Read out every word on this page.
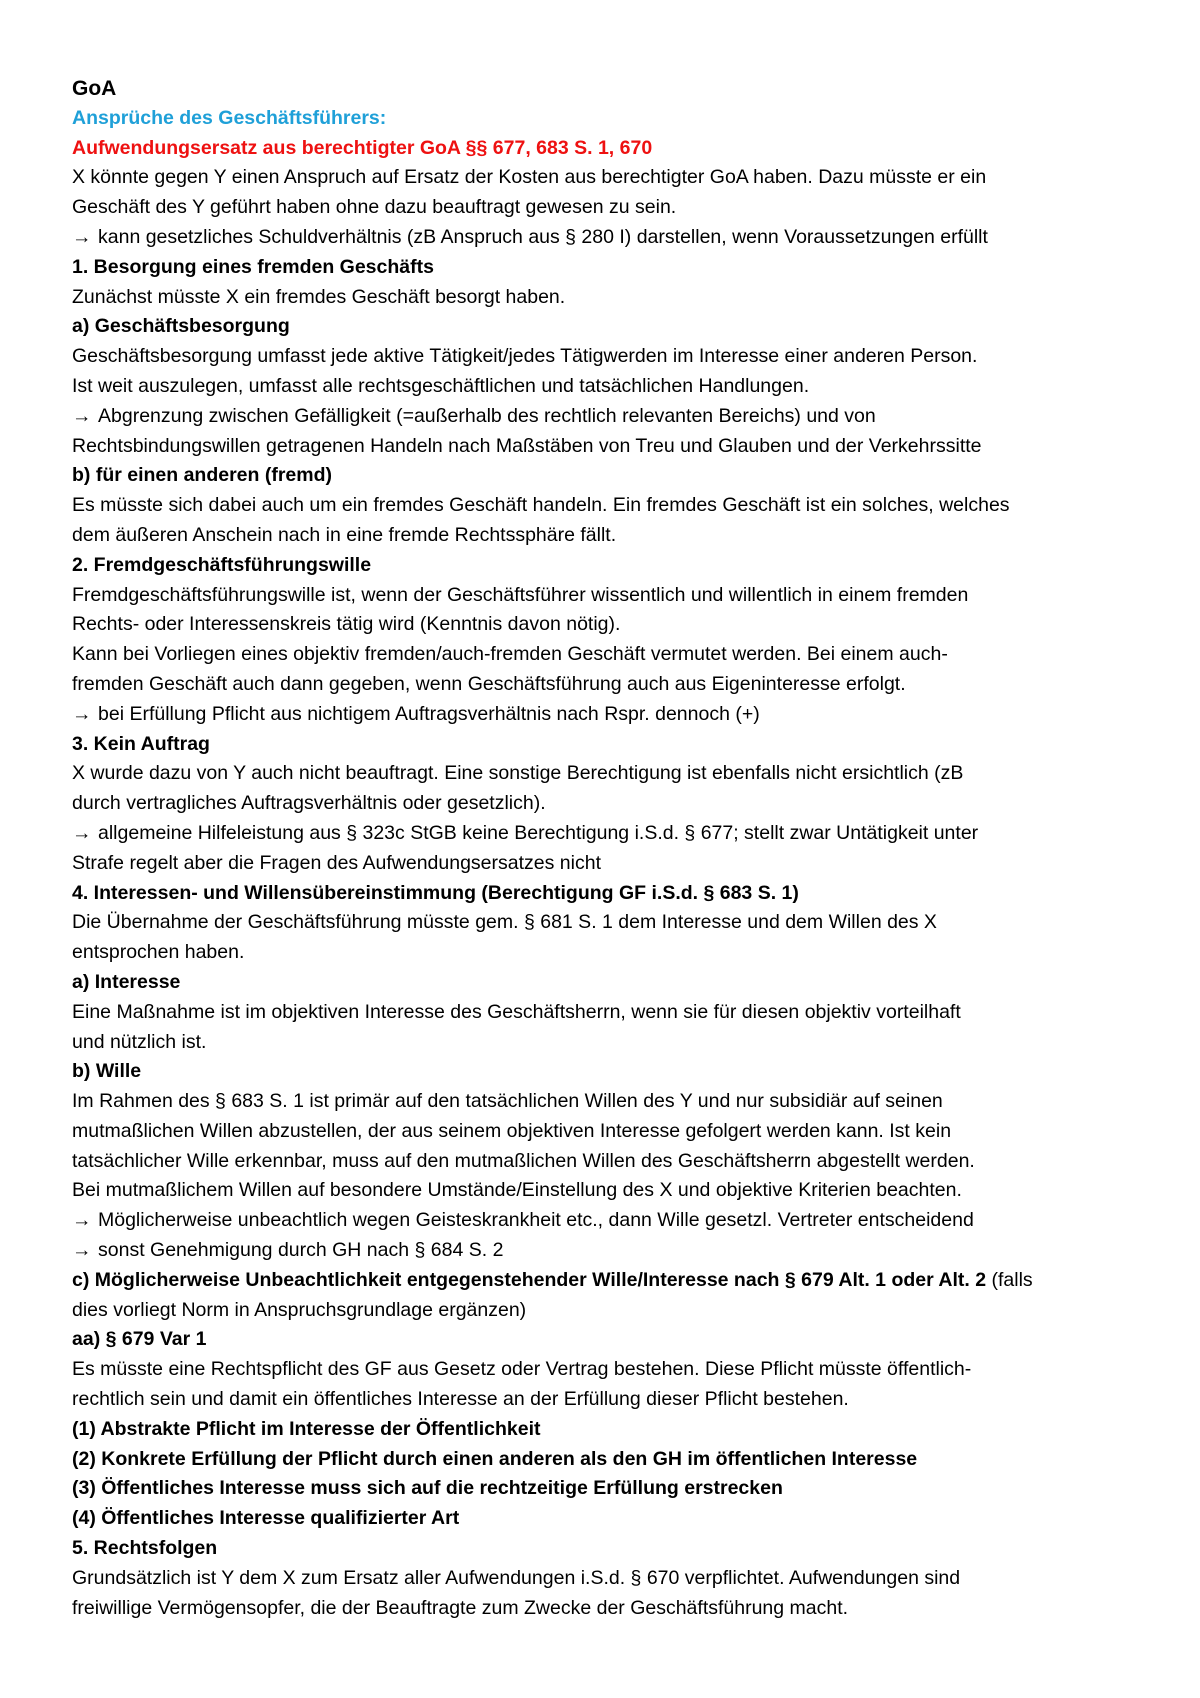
GoA
Ansprüche des Geschäftsführers:
Aufwendungsersatz aus berechtigter GoA §§ 677, 683 S. 1, 670
X könnte gegen Y einen Anspruch auf Ersatz der Kosten aus berechtigter GoA haben. Dazu müsste er ein
Geschäft des Y geführt haben ohne dazu beauftragt gewesen zu sein.
→ kann gesetzliches Schuldverhältnis (zB Anspruch aus § 280 I) darstellen, wenn Voraussetzungen erfüllt
1. Besorgung eines fremden Geschäfts
Zunächst müsste X ein fremdes Geschäft besorgt haben.
a) Geschäftsbesorgung
Geschäftsbesorgung umfasst jede aktive Tätigkeit/jedes Tätigwerden im Interesse einer anderen Person.
Ist weit auszulegen, umfasst alle rechtsgeschäftlichen und tatsächlichen Handlungen.
→ Abgrenzung zwischen Gefälligkeit (=außerhalb des rechtlich relevanten Bereichs) und von
Rechtsbindungswillen getragenen Handeln nach Maßstäben von Treu und Glauben und der Verkehrssitte
b) für einen anderen (fremd)
Es müsste sich dabei auch um ein fremdes Geschäft handeln. Ein fremdes Geschäft ist ein solches, welches
dem äußeren Anschein nach in eine fremde Rechtssphäre fällt.
2. Fremdgeschäftsführungswille
Fremdgeschäftsführungswille ist, wenn der Geschäftsführer wissentlich und willentlich in einem fremden
Rechts- oder Interessenskreis tätig wird (Kenntnis davon nötig).
Kann bei Vorliegen eines objektiv fremden/auch-fremden Geschäft vermutet werden. Bei einem auch-
fremden Geschäft auch dann gegeben, wenn Geschäftsführung auch aus Eigeninteresse erfolgt.
→ bei Erfüllung Pflicht aus nichtigem Auftragsverhältnis nach Rspr. dennoch (+)
3. Kein Auftrag
X wurde dazu von Y auch nicht beauftragt. Eine sonstige Berechtigung ist ebenfalls nicht ersichtlich (zB
durch vertragliches Auftragsverhältnis oder gesetzlich).
→ allgemeine Hilfeleistung aus § 323c StGB keine Berechtigung i.S.d. § 677; stellt zwar Untätigkeit unter
Strafe regelt aber die Fragen des Aufwendungsersatzes nicht
4. Interessen- und Willensübereinstimmung (Berechtigung GF i.S.d. § 683 S. 1)
Die Übernahme der Geschäftsführung müsste gem. § 681 S. 1 dem Interesse und dem Willen des X
entsprochen haben.
a) Interesse
Eine Maßnahme ist im objektiven Interesse des Geschäftsherrn, wenn sie für diesen objektiv vorteilhaft
und nützlich ist.
b) Wille
Im Rahmen des § 683 S. 1 ist primär auf den tatsächlichen Willen des Y und nur subsidiär auf seinen
mutmaßlichen Willen abzustellen, der aus seinem objektiven Interesse gefolgert werden kann. Ist kein
tatsächlicher Wille erkennbar, muss auf den mutmaßlichen Willen des Geschäftsherrn abgestellt werden.
Bei mutmaßlichem Willen auf besondere Umstände/Einstellung des X und objektive Kriterien beachten.
→ Möglicherweise unbeachtlich wegen Geisteskrankheit etc., dann Wille gesetzl. Vertreter entscheidend
→ sonst Genehmigung durch GH nach § 684 S. 2
c) Möglicherweise Unbeachtlichkeit entgegenstehender Wille/Interesse nach § 679 Alt. 1 oder Alt. 2 (falls
dies vorliegt Norm in Anspruchsgrundlage ergänzen)
aa) § 679 Var 1
Es müsste eine Rechtspflicht des GF aus Gesetz oder Vertrag bestehen. Diese Pflicht müsste öffentlich-
rechtlich sein und damit ein öffentliches Interesse an der Erfüllung dieser Pflicht bestehen.
(1) Abstrakte Pflicht im Interesse der Öffentlichkeit
(2) Konkrete Erfüllung der Pflicht durch einen anderen als den GH im öffentlichen Interesse
(3) Öffentliches Interesse muss sich auf die rechtzeitige Erfüllung erstrecken
(4) Öffentliches Interesse qualifizierter Art
5. Rechtsfolgen
Grundsätzlich ist Y dem X zum Ersatz aller Aufwendungen i.S.d. § 670 verpflichtet. Aufwendungen sind
freiwillige Vermögensopfer, die der Beauftragte zum Zwecke der Geschäftsführung macht.
